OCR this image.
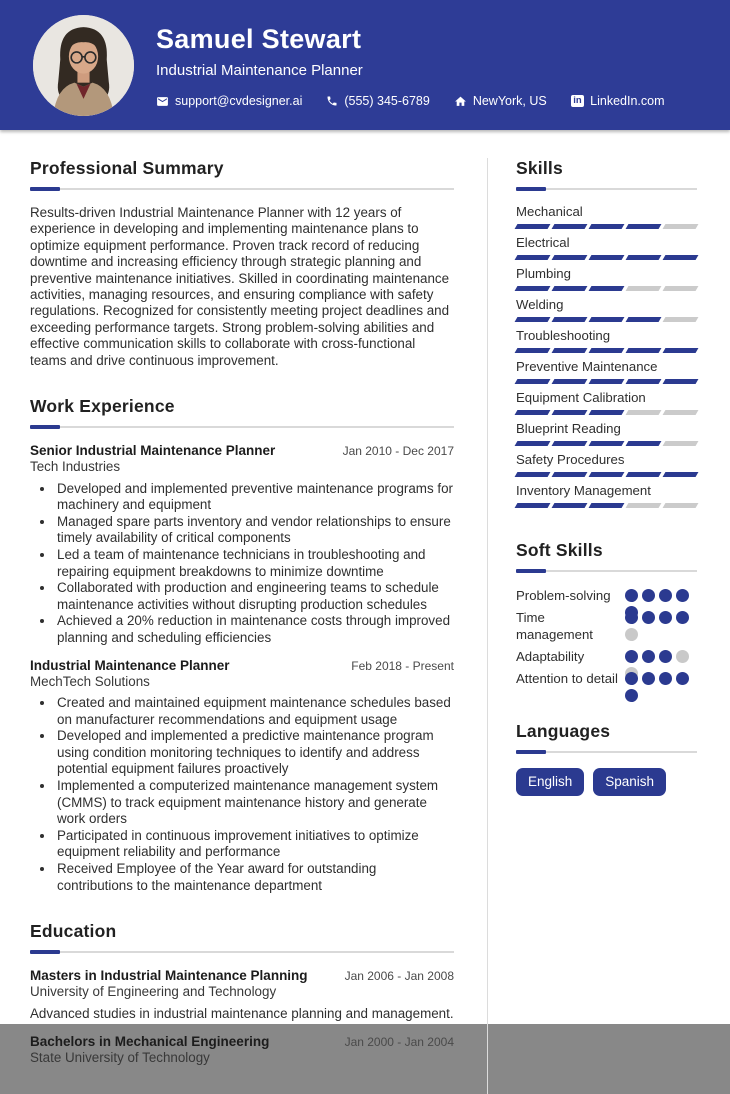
Samuel Stewart
Industrial Maintenance Planner
support@cvdesigner.ai	(555) 345-6789	NewYork, US	in LinkedIn.com
Professional Summary

Results-driven Industrial Maintenance Planner with 12 years of experience in developing and implementing maintenance plans to optimize equipment performance. Proven track record of reducing downtime and increasing efficiency through strategic planning and preventive maintenance initiatives. Skilled in coordinating maintenance activities, managing resources, and ensuring compliance with safety regulations. Recognized for consistently meeting project deadlines and exceeding performance targets. Strong problem-solving abilities and effective communication skills to collaborate with cross-functional teams and drive continuous improvement.

Work Experience
Senior Industrial Maintenance Planner	Jan 2010 - Dec 2017
Tech Industries
• Developed and implemented preventive maintenance programs for machinery and equipment
• Managed spare parts inventory and vendor relationships to ensure timely availability of critical components
• Led a team of maintenance technicians in troubleshooting and repairing equipment breakdowns to minimize downtime
• Collaborated with production and engineering teams to schedule maintenance activities without disrupting production schedules
• Achieved a 20% reduction in maintenance costs through improved planning and scheduling efficiencies
Industrial Maintenance Planner	Feb 2018 - Present
MechTech Solutions
• Created and maintained equipment maintenance schedules based on manufacturer recommendations and equipment usage
• Developed and implemented a predictive maintenance program using condition monitoring techniques to identify and address potential equipment failures proactively
• Implemented a computerized maintenance management system (CMMS) to track equipment maintenance history and generate work orders
• Participated in continuous improvement initiatives to optimize equipment reliability and performance
• Received Employee of the Year award for outstanding contributions to the maintenance department
Education
Masters in Industrial Maintenance Planning	Jan 2006 - Jan 2008
University of Engineering and Technology
Advanced studies in industrial maintenance planning and management.
Bachelors in Mechanical Engineering	Jan 2000 - Jan 2004
State University of Technology
Skills
Mechanical
Electrical
Plumbing
Welding
Troubleshooting
Preventive Maintenance
Equipment Calibration
Blueprint Reading
Safety Procedures
Inventory Management
Soft Skills
Problem-solving
Time management
Adaptability
Attention to detail
Languages
English	Spanish
